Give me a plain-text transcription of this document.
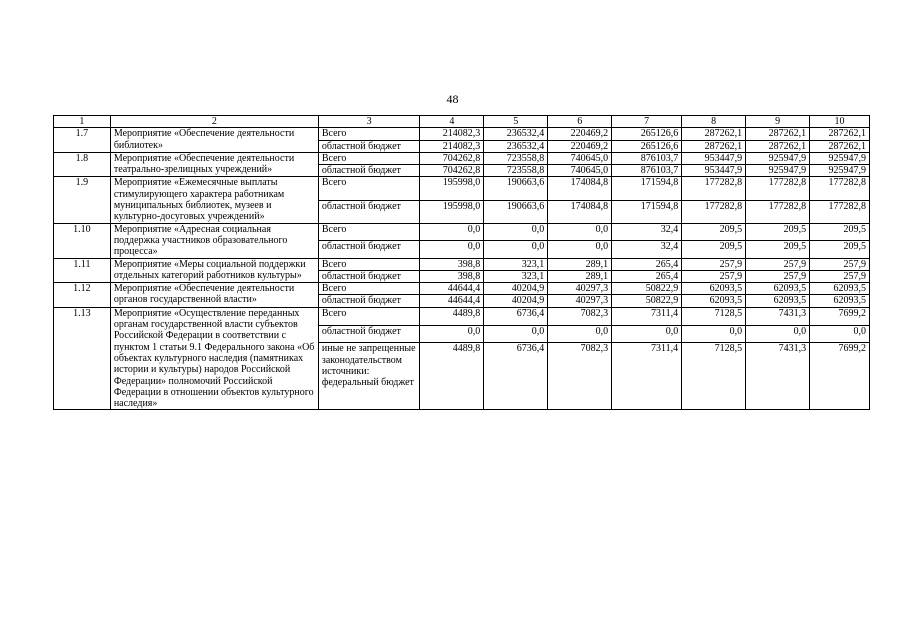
48
1	2	3	4	5	6	7	8	9	10
1.7	Мероприятие «Обеспечение деятельности библиотек»	Всего	214082,3	236532,4	220469,2	265126,6	287262,1	287262,1	287262,1
		областной бюджет	214082,3	236532,4	220469,2	265126,6	287262,1	287262,1	287262,1
1.8	Мероприятие «Обеспечение деятельности театрально-зрелищных учреждений»	Всего	704262,8	723558,8	740645,0	876103,7	953447,9	925947,9	925947,9
		областной бюджет	704262,8	723558,8	740645,0	876103,7	953447,9	925947,9	925947,9
1.9	Мероприятие «Ежемесячные выплаты стимулирующего характера работникам муниципальных библиотек, музеев и культурно-досуговых учреждений»	Всего	195998,0	190663,6	174084,8	171594,8	177282,8	177282,8	177282,8
		областной бюджет	195998,0	190663,6	174084,8	171594,8	177282,8	177282,8	177282,8
1.10	Мероприятие «Адресная социальная поддержка участников образовательного процесса»	Всего	0,0	0,0	0,0	32,4	209,5	209,5	209,5
		областной бюджет	0,0	0,0	0,0	32,4	209,5	209,5	209,5
1.11	Мероприятие «Меры социальной поддержки отдельных категорий работников культуры»	Всего	398,8	323,1	289,1	265,4	257,9	257,9	257,9
		областной бюджет	398,8	323,1	289,1	265,4	257,9	257,9	257,9
1.12	Мероприятие «Обеспечение деятельности органов государственной власти»	Всего	44644,4	40204,9	40297,3	50822,9	62093,5	62093,5	62093,5
		областной бюджет	44644,4	40204,9	40297,3	50822,9	62093,5	62093,5	62093,5
1.13	Мероприятие «Осуществление переданных органам государственной власти субъектов Российской Федерации в соответствии с пунктом 1 статьи 9.1 Федерального закона «Об объектах культурного наследия (памятниках истории и культуры) народов Российской Федерации» полномочий Российской Федерации в отношении объектов культурного наследия»	Всего	4489,8	6736,4	7082,3	7311,4	7128,5	7431,3	7699,2
		областной бюджет	0,0	0,0	0,0	0,0	0,0	0,0	0,0
		иные не запрещенные законодательством источники: федеральный бюджет	4489,8	6736,4	7082,3	7311,4	7128,5	7431,3	7699,2
